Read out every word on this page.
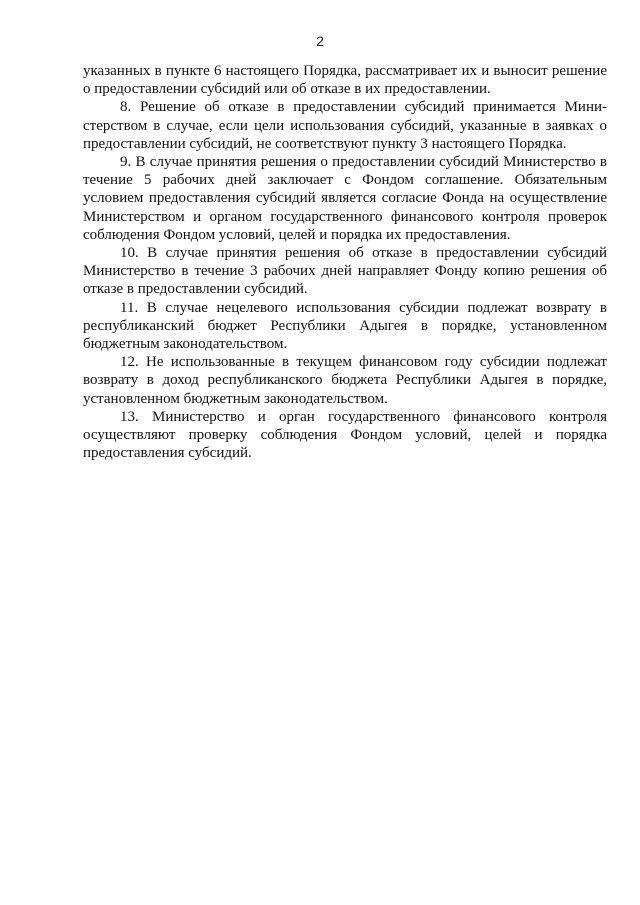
2

указанных в пункте 6 настоящего Порядка, рассматривает их и выносит решение о предоставлении субсидий или об отказе в их предоставлении.

8. Решение об отказе в предоставлении субсидий принимается Министерством в случае, если цели использования субсидий, указанные в заявках о предоставлении субсидий, не соответствуют пункту 3 настоящего Порядка.

9. В случае принятия решения о предоставлении субсидий Министерство в течение 5 рабочих дней заключает с Фондом соглашение. Обязательным условием предоставления субсидий является согласие Фонда на осуществление Министерством и органом государственного финансового контроля проверок соблюдения Фондом условий, целей и порядка их предоставления.

10. В случае принятия решения об отказе в предоставлении субсидий Министерство в течение 3 рабочих дней направляет Фонду копию решения об отказе в предоставлении субсидий.

11. В случае нецелевого использования субсидии подлежат возврату в республиканский бюджет Республики Адыгея в порядке, установленном бюджетным законодательством.

12. Не использованные в текущем финансовом году субсидии подлежат возврату в доход республиканского бюджета Республики Адыгея в порядке, установленном бюджетным законодательством.

13. Министерство и орган государственного финансового контроля осуществляют проверку соблюдения Фондом условий, целей и порядка предоставления субсидий.
